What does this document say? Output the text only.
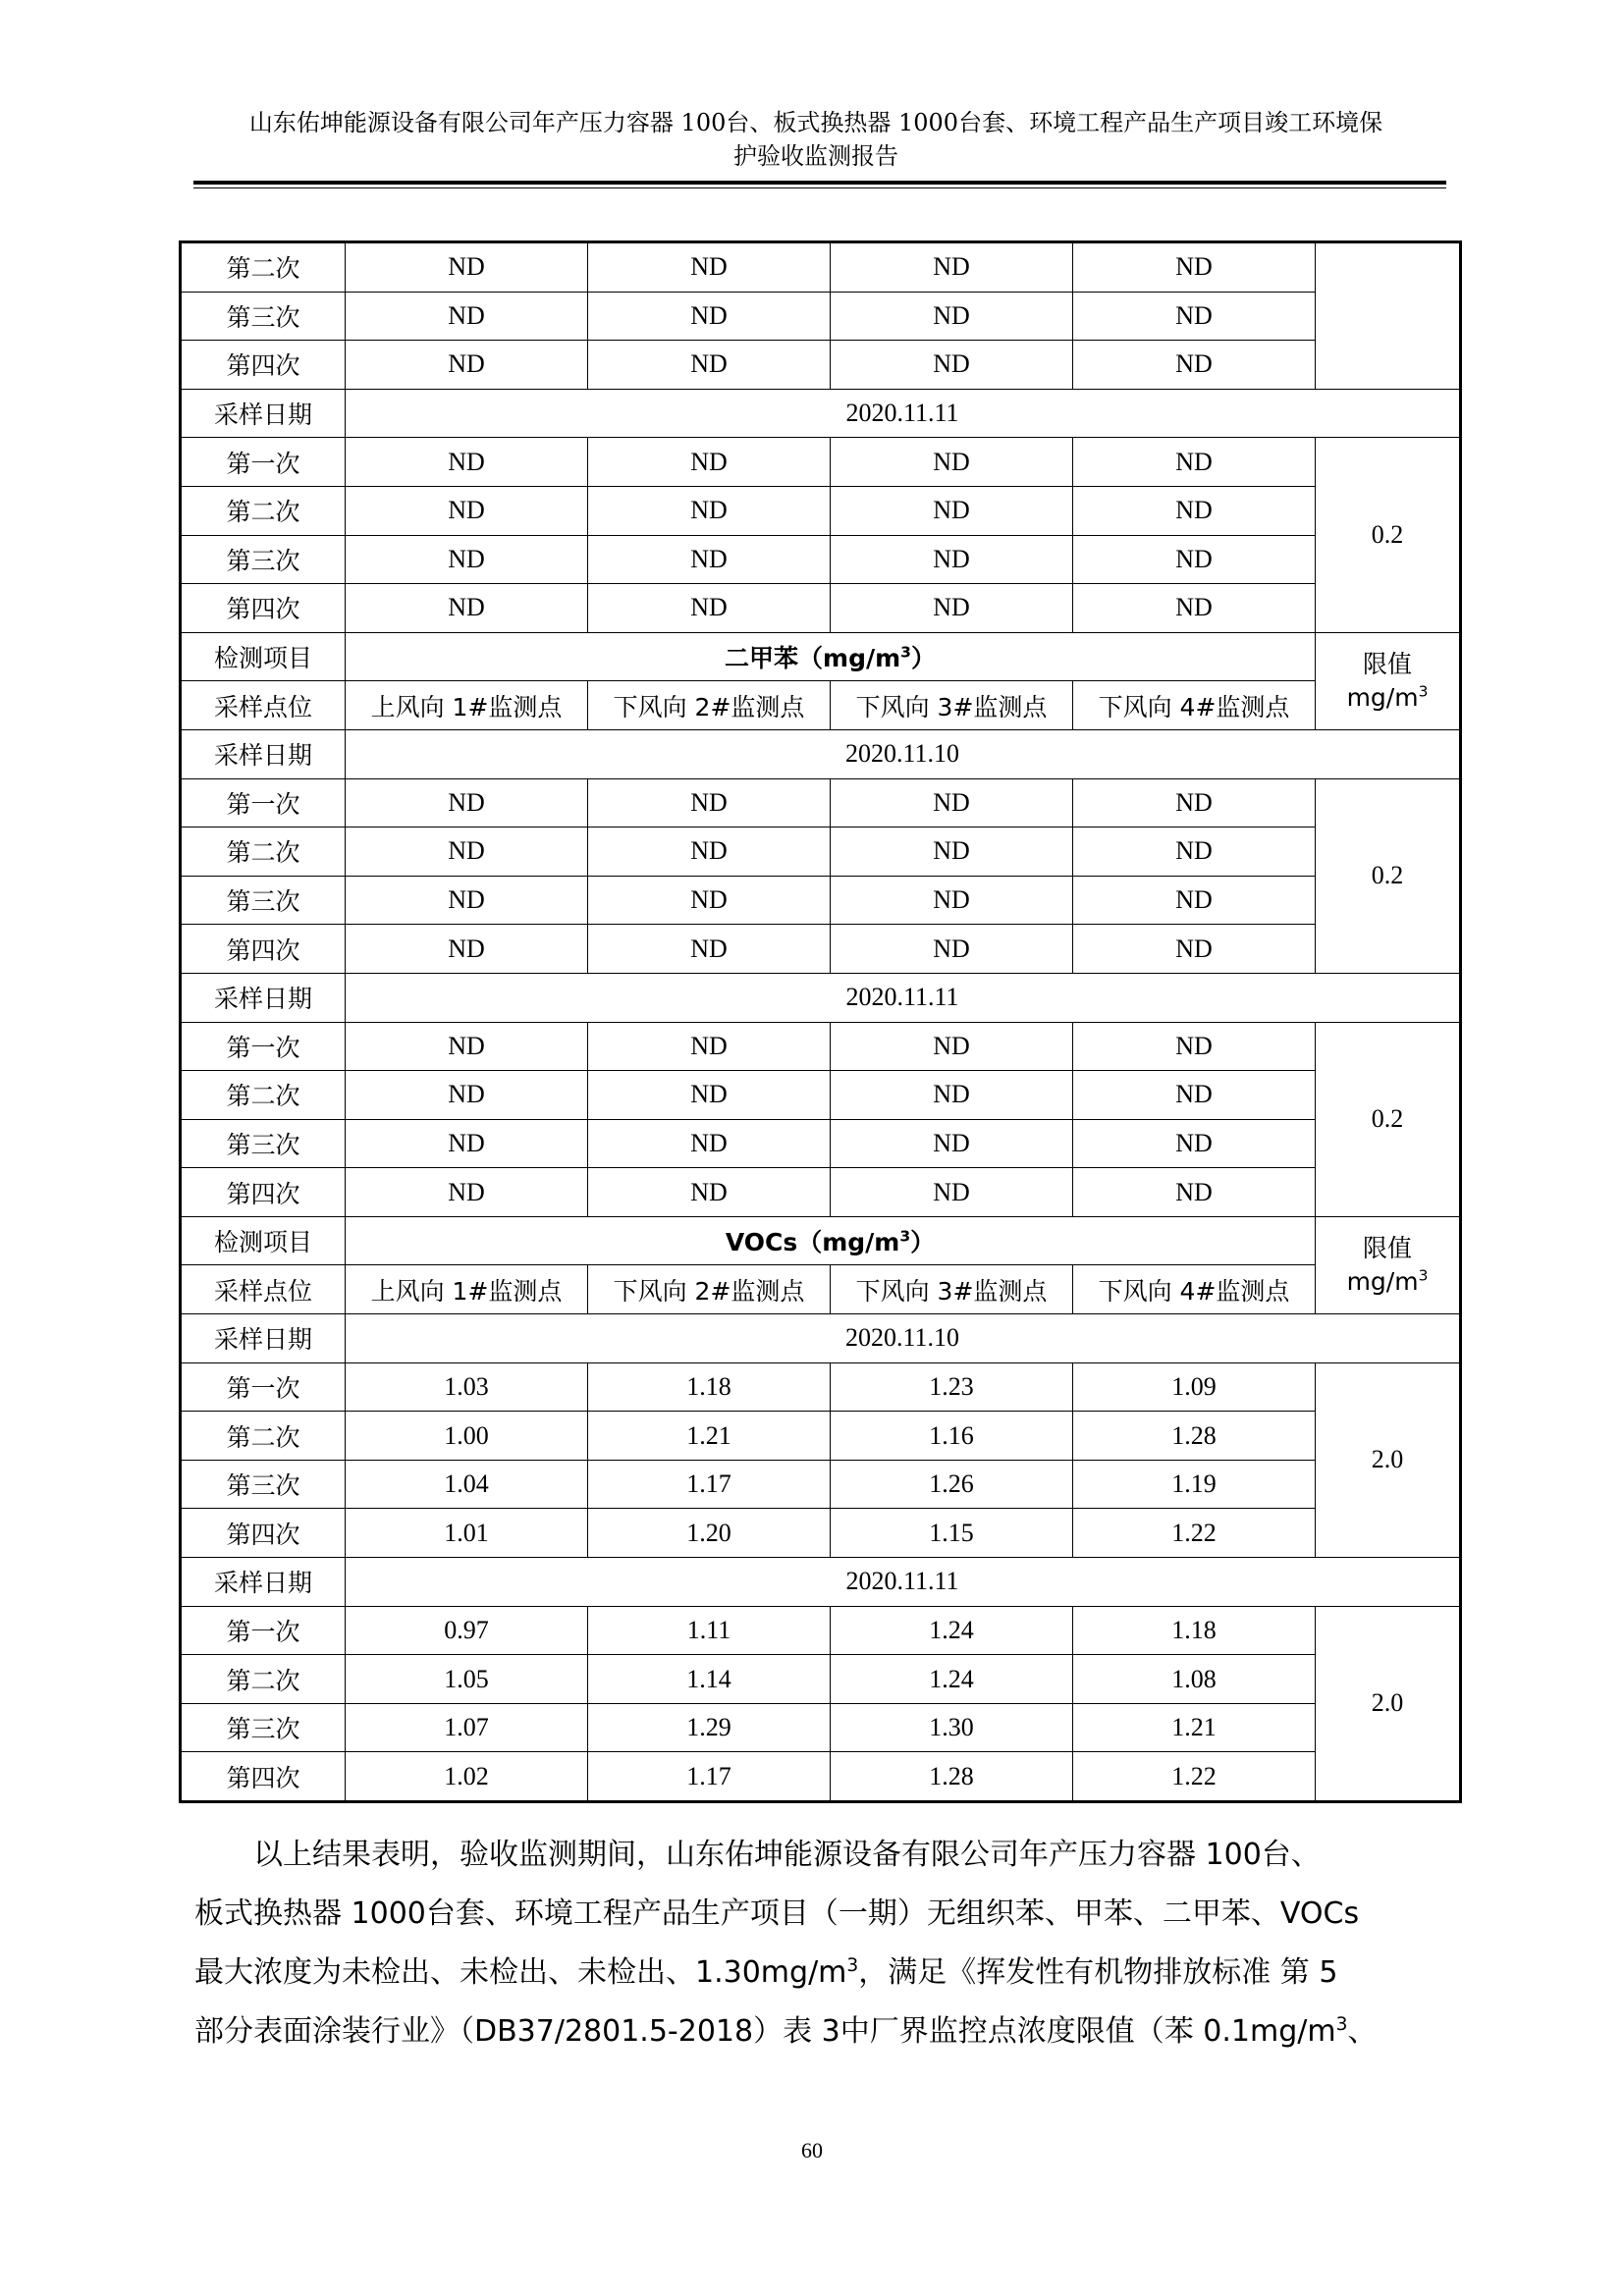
山东佑坤能源设备有限公司年产压力容器 100台、板式换热器 1000台套、环境工程产品生产项目竣工环境保
护验收监测报告
第二次	ND	ND	ND	ND	
第三次	ND	ND	ND	ND	
第四次	ND	ND	ND	ND	
采样日期	2020.11.11				
第一次	ND	ND	ND	ND	0.2
第二次	ND	ND	ND	ND	
第三次	ND	ND	ND	ND	
第四次	ND	ND	ND	ND	
检测项目	二甲苯$(mg/m^3)$				限值
$mg/m^3$

采样点位	上风向 1#监测点	下风向 2#监测点	下风向 3#监测点	下风向 4#监测点	
采样日期	2020.11.10				
第一次	ND	ND	ND	ND	0.2
第二次	ND	ND	ND	ND	
第三次	ND	ND	ND	ND	
第四次	ND	ND	ND	ND	
采样日期	2020.11.11				
第一次	ND	ND	ND	ND	0.2
第二次	ND	ND	ND	ND	
第三次	ND	ND	ND	ND	
第四次	ND	ND	ND	ND	
检测项目	$VOCs(mg/m^3)$				限值
$mg/m^3$

采样点位	上风向 1#监测点	下风向 2#监测点	下风向 3#监测点	下风向 4#监测点	
采样日期	2020.11.10				
第一次	1.03	1.18	1.23	1.09	2.0
第二次	1.00	1.21	1.16	1.28	
第三次	1.04	1.17	1.26	1.19	
第四次	1.01	1.20	1.15	1.22	
采样日期	2020.11.11				
第一次	0.97	1.11	1.24	1.18	2.0
第二次	1.05	1.14	1.24	1.08	
第三次	1.07	1.29	1.30	1.21	
第四次	1.02	1.17	1.28	1.22	

以上结果表明，验收监测期间，山东佑坤能源设备有限公司年产压力容器 100台、

板式换热器 1000台套、环境工程产品生产项目（一期）无组织苯、甲苯、二甲苯、VOCs

最大浓度为未检出、未检出、未检出、$1.30mg/m^3$，满足《挥发性有机物排放标准 第 5

部分表面涂装行业》（DB37/2801.5-2018）表 3中厂界监控点浓度限值（苯 $0.1mg/m^3$、

60
